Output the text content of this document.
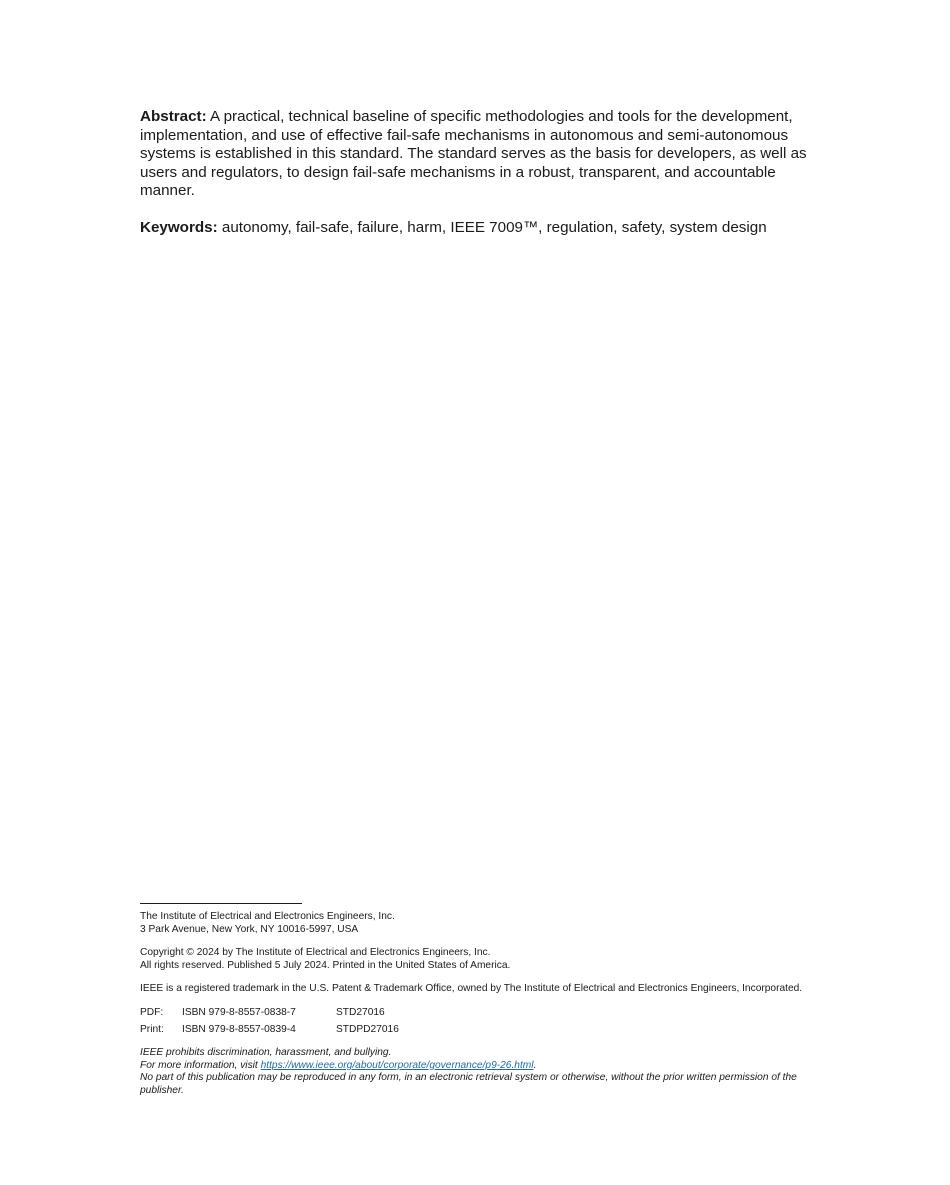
Abstract: A practical, technical baseline of specific methodologies and tools for the development, implementation, and use of effective fail-safe mechanisms in autonomous and semi-autonomous systems is established in this standard. The standard serves as the basis for developers, as well as users and regulators, to design fail-safe mechanisms in a robust, transparent, and accountable manner.

Keywords: autonomy, fail-safe, failure, harm, IEEE 7009™, regulation, safety, system design

The Institute of Electrical and Electronics Engineers, Inc.

3 Park Avenue, New York, NY 10016-5997, USA

Copyright © 2024 by The Institute of Electrical and Electronics Engineers, Inc.

All rights reserved. Published 5 July 2024. Printed in the United States of America.

IEEE is a registered trademark in the U.S. Patent & Trademark Office, owned by The Institute of Electrical and Electronics Engineers, Incorporated.

PDF:	ISBN 979-8-8557-0838-7	STD27016
Print:	ISBN 979-8-8557-0839-4	STDPD27016

IEEE prohibits discrimination, harassment, and bullying.

For more information, visit https://www.ieee.org/about/corporate/governance/p9-26.html.

No part of this publication may be reproduced in any form, in an electronic retrieval system or otherwise, without the prior written permission of the publisher.
